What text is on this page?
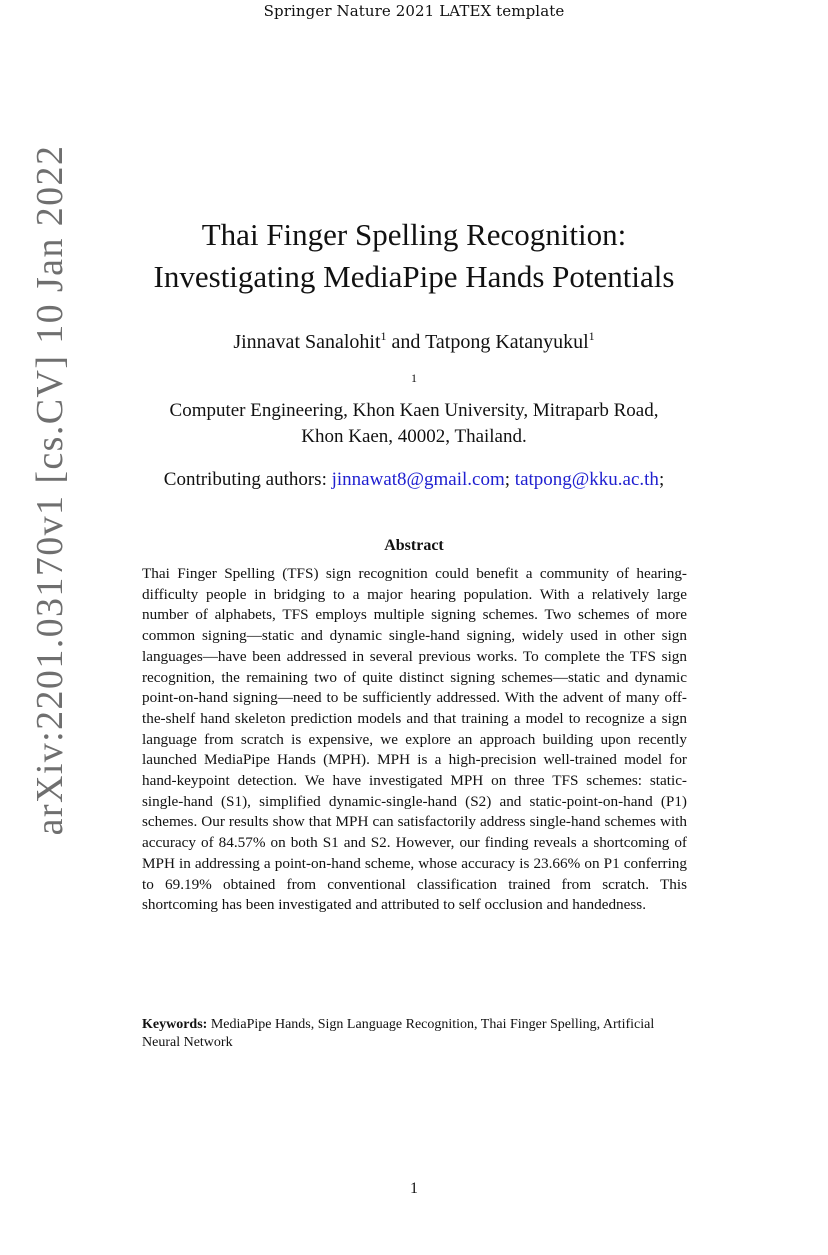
Springer Nature 2021 LATEX template
arXiv:2201.03170v1 [cs.CV] 10 Jan 2022	Thai Finger Spelling Recognition:
Investigating MediaPipe Hands Potentials
Jinnavat Sanalohit$^1$ and Tatpong Katanyukul$^1$
$^1$
Computer Engineering, Khon Kaen University, Mitraparb Road,
Khon Kaen, 40002, Thailand.
Contributing authors: jinnawat8@gmail.com; tatpong@kku.ac.th;
Abstract
Thai Finger Spelling (TFS) sign recognition could benefit a community of hearing-difficulty people in bridging to a major hearing population. With a relatively large number of alphabets, TFS employs multiple signing schemes. Two schemes of more common signing—static and dynamic single-hand signing, widely used in other sign languages—have been addressed in several previous works. To complete the TFS sign recognition, the remaining two of quite distinct signing schemes—static and dynamic point-on-hand signing—need to be sufficiently addressed. With the advent of many off-the-shelf hand skeleton prediction models and that training a model to recognize a sign language from scratch is expensive, we explore an approach building upon recently launched MediaPipe Hands (MPH). MPH is a high-precision well-trained model for hand-keypoint detection. We have investigated MPH on three TFS schemes: static-single-hand (S1), simplified dynamic-single-hand (S2) and static-point-on-hand (P1) schemes. Our results show that MPH can satisfactorily address single-hand schemes with accuracy of 84.57% on both S1 and S2. However, our finding reveals a shortcoming of MPH in addressing a point-on-hand scheme, whose accuracy is 23.66% on P1 conferring to 69.19% obtained from conventional classification trained from scratch. This shortcoming has been investigated and attributed to self occlusion and handedness.
Keywords: MediaPipe Hands, Sign Language Recognition, Thai Finger Spelling, Artificial Neural Network
1
